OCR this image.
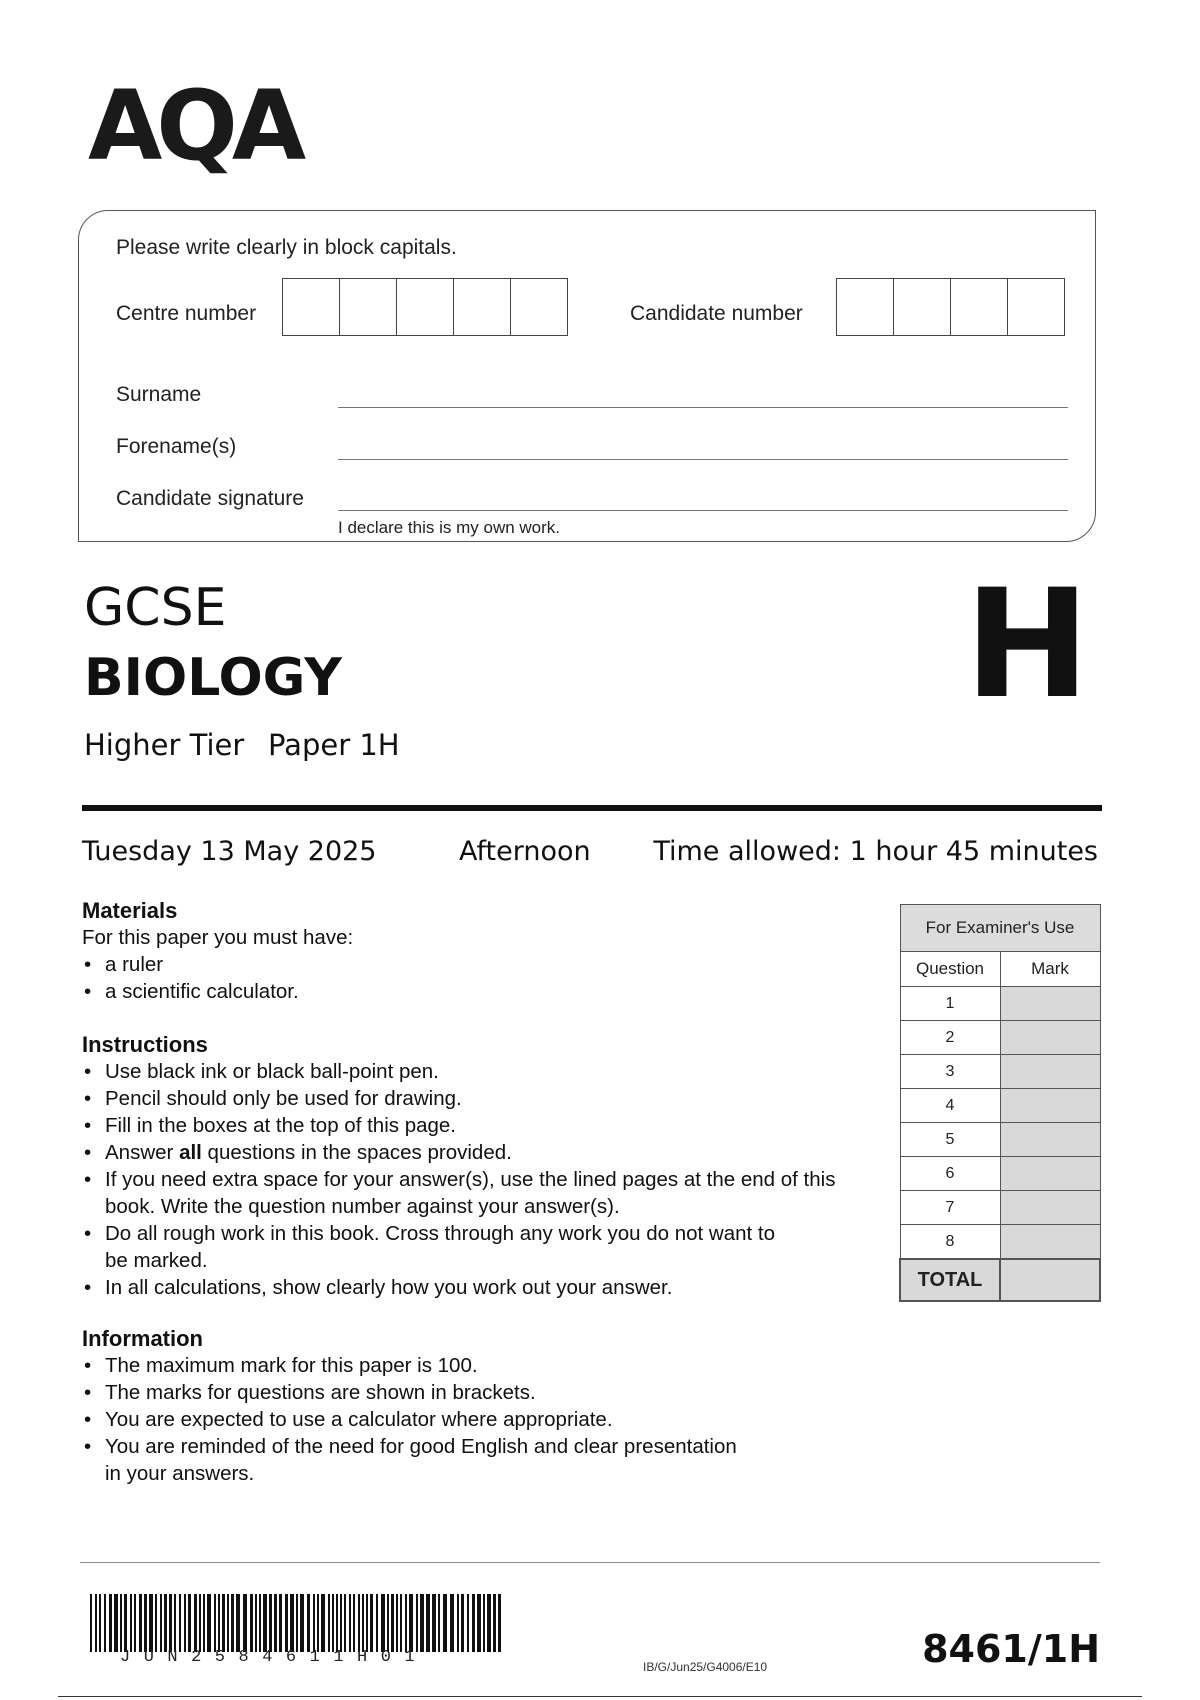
AQA
Please write clearly in block capitals.
Centre number	Candidate number
Surname
Forename(s)
Candidate signature
I declare this is my own work.
GCSE
BIOLOGY
Higher Tier Paper 1H
H
Tuesday 13 May 2025	Afternoon Time allowed: 1 hour 45 minutes
Materials
For this paper you must have:
• a ruler
• a scientific calculator.
Instructions
• Use black ink or black ball-point pen.
• Pencil should only be used for drawing.
• Fill in the boxes at the top of this page.
• Answer all questions in the spaces provided.
• If you need extra space for your answer(s), use the lined pages at the end of this book. Write the question number against your answer(s).
• Do all rough work in this book. Cross through any work you do not want to be marked.
• In all calculations, show clearly how you work out your answer.
Information
• The maximum mark for this paper is 100.
• The marks for questions are shown in brackets.
• You are expected to use a calculator where appropriate.
• You are reminded of the need for good English and clear presentation in your answers.
For Examiner's Use	
Question	Mark
1	
2	
3	
4	
5	
6	
7	
8	
TOTAL	
JUN2584611H01	IB/G/Jun25/G4006/E10	8461/1H
